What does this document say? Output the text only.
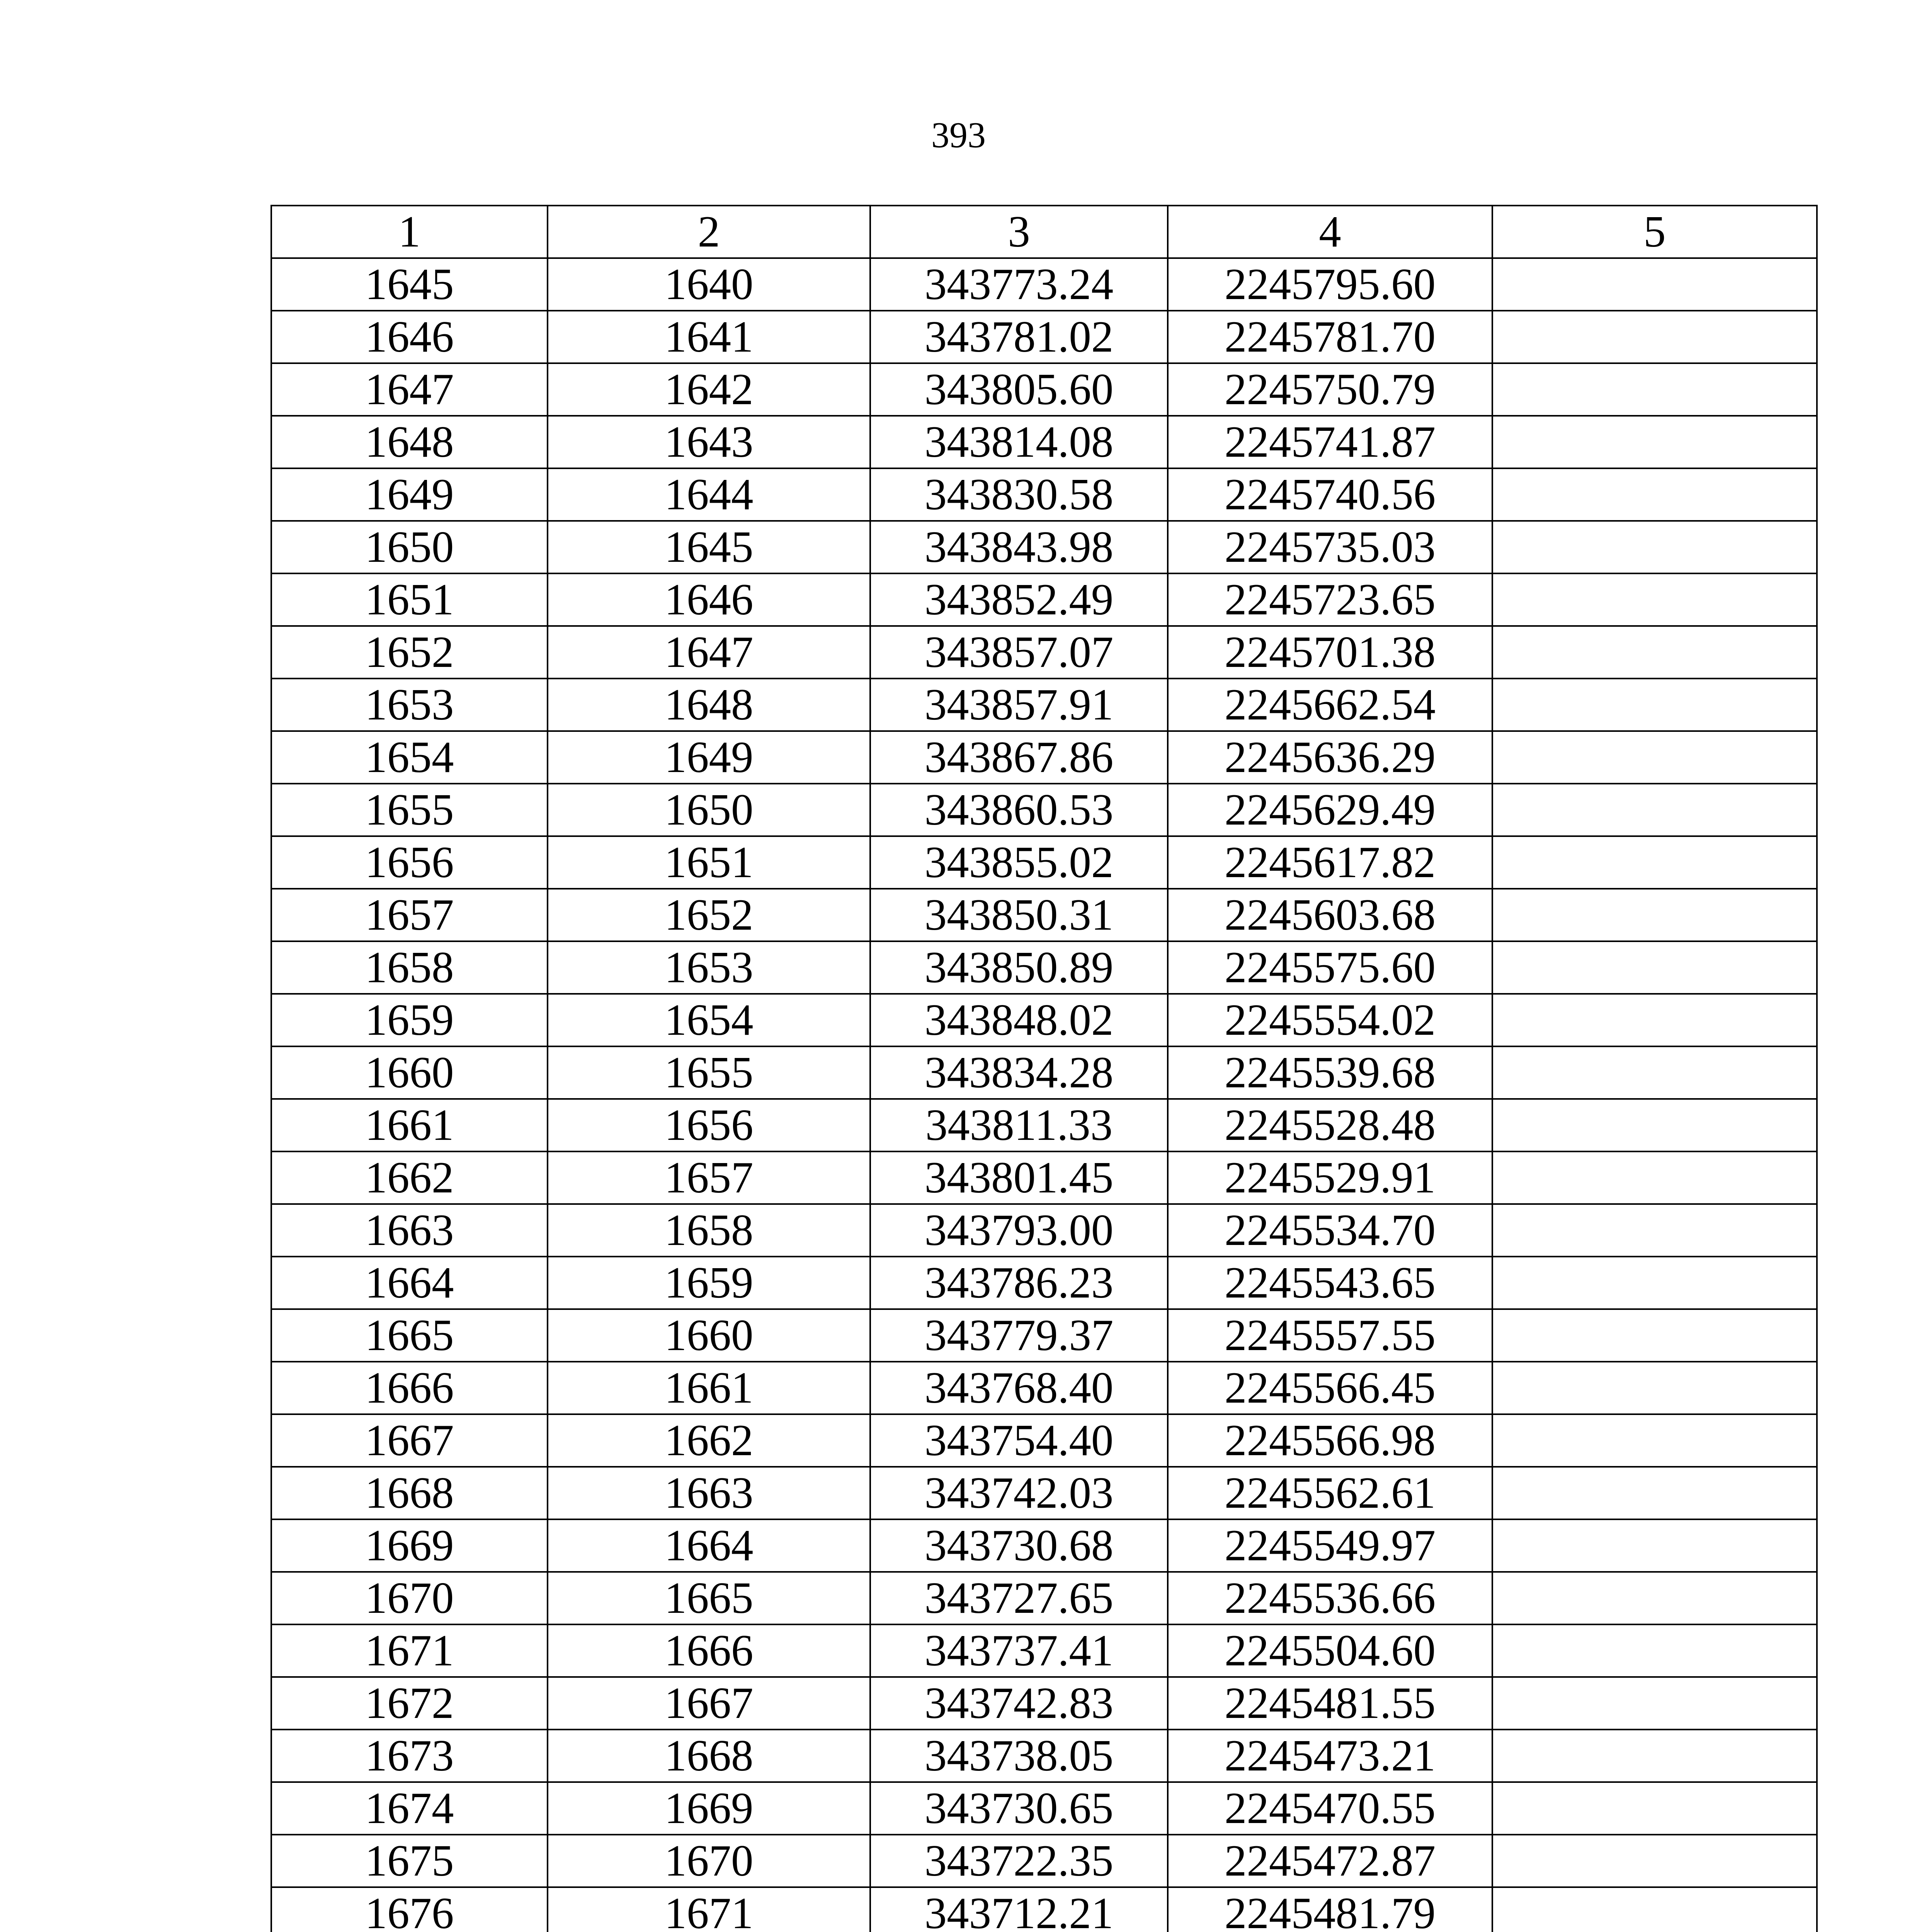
393
1	2	3	4	5
1645	1640	343773.24	2245795.60	
1646	1641	343781.02	2245781.70	
1647	1642	343805.60	2245750.79	
1648	1643	343814.08	2245741.87	
1649	1644	343830.58	2245740.56	
1650	1645	343843.98	2245735.03	
1651	1646	343852.49	2245723.65	
1652	1647	343857.07	2245701.38	
1653	1648	343857.91	2245662.54	
1654	1649	343867.86	2245636.29	
1655	1650	343860.53	2245629.49	
1656	1651	343855.02	2245617.82	
1657	1652	343850.31	2245603.68	
1658	1653	343850.89	2245575.60	
1659	1654	343848.02	2245554.02	
1660	1655	343834.28	2245539.68	
1661	1656	343811.33	2245528.48	
1662	1657	343801.45	2245529.91	
1663	1658	343793.00	2245534.70	
1664	1659	343786.23	2245543.65	
1665	1660	343779.37	2245557.55	
1666	1661	343768.40	2245566.45	
1667	1662	343754.40	2245566.98	
1668	1663	343742.03	2245562.61	
1669	1664	343730.68	2245549.97	
1670	1665	343727.65	2245536.66	
1671	1666	343737.41	2245504.60	
1672	1667	343742.83	2245481.55	
1673	1668	343738.05	2245473.21	
1674	1669	343730.65	2245470.55	
1675	1670	343722.35	2245472.87	
1676	1671	343712.21	2245481.79	
